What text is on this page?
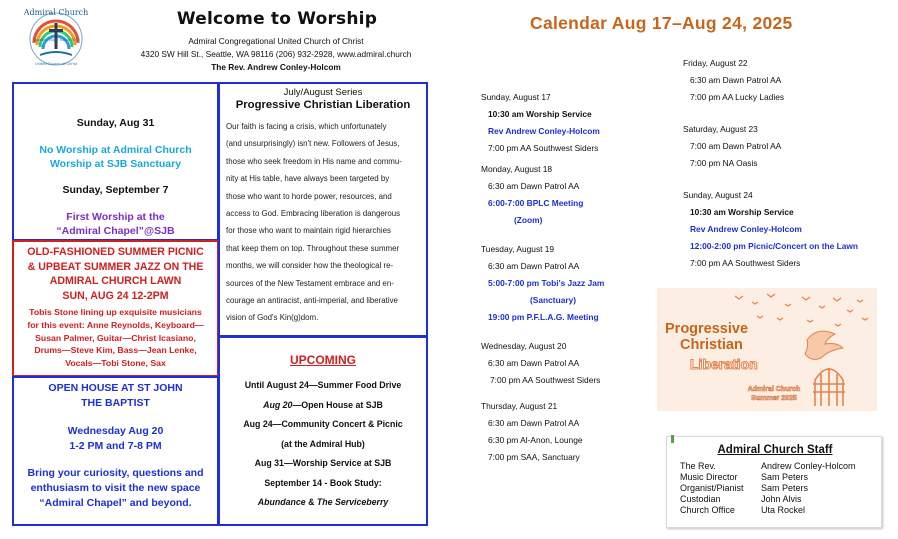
Admiral Church
Awaken Hope Since 1908
United Church of Christ
Welcome to Worship
Admiral Congregational United Church of Christ
4320 SW Hill St., Seattle, WA 98116 (206) 932-2928, www.admiral.church
The Rev. Andrew Conley-Holcom
Sunday, Aug 31
No Worship at Admiral Church
Worship at SJB Sanctuary
Sunday, September 7
First Worship at the
“Admiral Chapel”@SJB
OLD-FASHIONED SUMMER PICNIC
& UPBEAT SUMMER JAZZ ON THE
ADMIRAL CHURCH LAWN
SUN, AUG 24 12-2PM
Tobis Stone lining up exquisite musicians
for this event: Anne Reynolds, Keyboard—
Susan Palmer, Guitar—Christ Icasiano,
Drums—Steve Kim, Bass—Jean Lenke,
Vocals—Tobi Stone, Sax
OPEN HOUSE AT ST JOHN
THE BAPTIST
Wednesday Aug 20
1-2 PM and 7-8 PM
Bring your curiosity, questions and
enthusiasm to visit the new space
“Admiral Chapel” and beyond.
July/August Series
Progressive Christian Liberation
Our faith is facing a crisis, which unfortunately
(and unsurprisingly) isn't new. Followers of Jesus,
those who seek freedom in His name and commu-
nity at His table, have always been targeted by
those who want to horde power, resources, and
access to God. Embracing liberation is dangerous
for those who want to maintain rigid hierarchies
that keep them on top. Throughout these summer
months, we will consider how the theological re-
sources of the New Testament embrace and en-
courage an antiracist, anti-imperial, and liberative
vision of God's Kin(g)dom.
UPCOMING
Until August 24—Summer Food Drive
Aug 20—Open House at SJB
Aug 24—Community Concert & Picnic
(at the Admiral Hub)
Aug 31—Worship Service at SJB
September 14 - Book Study:
Abundance & The Serviceberry
Calendar Aug 17–Aug 24, 2025
Sunday, August 17
10:30 am Worship Service
Rev Andrew Conley-Holcom
7:00 pm AA Southwest Siders
Monday, August 18
6:30 am Dawn Patrol AA
6:00-7:00 BPLC Meeting
(Zoom)
Tuesday, August 19
6:30 am Dawn Patrol AA
5:00-7:00 pm Tobi's Jazz Jam
(Sanctuary)
19:00 pm P.F.L.A.G. Meeting
Wednesday, August 20
6:30 am Dawn Patrol AA
7:00 pm AA Southwest Siders
Thursday, August 21
6:30 am Dawn Patrol AA
6:30 pm Al-Anon, Lounge
7:00 pm SAA, Sanctuary
Friday, August 22
6:30 am Dawn Patrol AA
7:00 pm AA Lucky Ladies
Saturday, August 23
7:00 am Dawn Patrol AA
7:00 pm NA Oasis
Sunday, August 24
10:30 am Worship Service
Rev Andrew Conley-Holcom
12:00-2:00 pm Picnic/Concert on the Lawn
7:00 pm AA Southwest Siders
Progressive
Christian
Liberation
Admiral Church
Summer 2025
Admiral Church Staff
The Rev.	Andrew Conley-Holcom
Music Director	Sam Peters
Organist/Pianist	Sam Peters
Custodian	John Alvis
Church Office	Uta Rockel
